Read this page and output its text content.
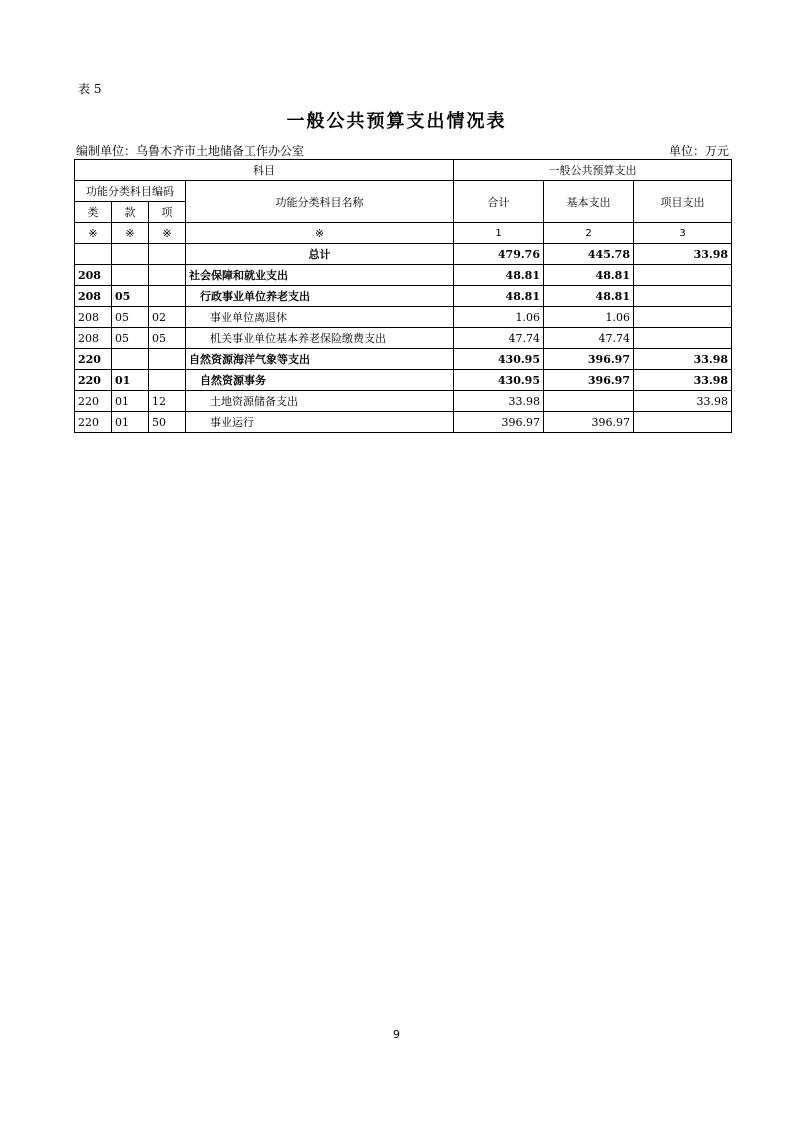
表 5
一般公共预算支出情况表
编制单位：乌鲁木齐市土地储备工作办公室	单位：万元
科目				一般公共预算支出		
功能分类科目编码			功能分类科目名称	合计	基本支出	项目支出
类	款	项				
※	※	※	※	1	2	3
			总计	479.76	445.78	33.98
208			社会保障和就业支出	48.81	48.81	
208	05		行政事业单位养老支出	48.81	48.81	
208	05	02	事业单位离退休	1.06	1.06	
208	05	05	机关事业单位基本养老保险缴费支出	47.74	47.74	
220			自然资源海洋气象等支出	430.95	396.97	33.98
220	01		自然资源事务	430.95	396.97	33.98
220	01	12	土地资源储备支出	33.98		33.98
220	01	50	事业运行	396.97	396.97	
9
